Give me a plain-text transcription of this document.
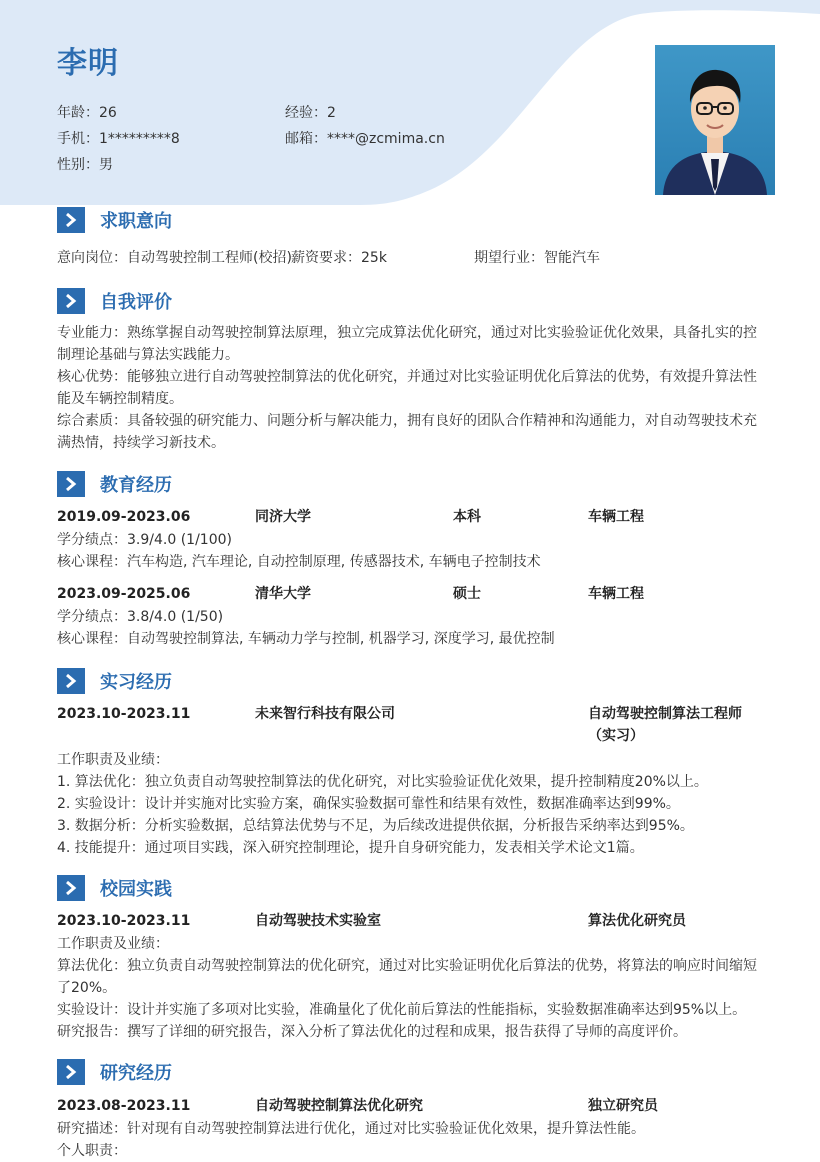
李明
年龄：26	经验：2
手机：1*********8	邮箱：****@zcmima.cn
性别：男
求职意向
意向岗位：自动驾驶控制工程师(校招) 薪资要求：25k	期望行业：智能汽车
自我评价
专业能力：熟练掌握自动驾驶控制算法原理，独立完成算法优化研究，通过对比实验验证优化效果，具备扎实的控制理论基础与算法实践能力。
核心优势：能够独立进行自动驾驶控制算法的优化研究，并通过对比实验证明优化后算法的优势，有效提升算法性能及车辆控制精度。
综合素质：具备较强的研究能力、问题分析与解决能力，拥有良好的团队合作精神和沟通能力，对自动驾驶技术充满热情，持续学习新技术。
教育经历
2019.09-2023.06	同济大学	本科	车辆工程
学分绩点：3.9/4.0 (1/100)
核心课程：汽车构造, 汽车理论, 自动控制原理, 传感器技术, 车辆电子控制技术
2023.09-2025.06	清华大学	硕士	车辆工程
学分绩点：3.8/4.0 (1/50)
核心课程：自动驾驶控制算法, 车辆动力学与控制, 机器学习, 深度学习, 最优控制
实习经历
2023.10-2023.11	未来智行科技有限公司	自动驾驶控制算法工程师
（实习）
工作职责及业绩：
1. 算法优化：独立负责自动驾驶控制算法的优化研究，对比实验验证优化效果，提升控制精度20%以上。
2. 实验设计：设计并实施对比实验方案，确保实验数据可靠性和结果有效性，数据准确率达到99%。
3. 数据分析：分析实验数据，总结算法优势与不足，为后续改进提供依据，分析报告采纳率达到95%。
4. 技能提升：通过项目实践，深入研究控制理论，提升自身研究能力，发表相关学术论文1篇。
校园实践
2023.10-2023.11	自动驾驶技术实验室	算法优化研究员
工作职责及业绩：
算法优化：独立负责自动驾驶控制算法的优化研究，通过对比实验证明优化后算法的优势，将算法的响应时间缩短了20%。
实验设计：设计并实施了多项对比实验，准确量化了优化前后算法的性能指标，实验数据准确率达到95%以上。
研究报告：撰写了详细的研究报告，深入分析了算法优化的过程和成果，报告获得了导师的高度评价。
研究经历
2023.08-2023.11	自动驾驶控制算法优化研究	独立研究员
研究描述：针对现有自动驾驶控制算法进行优化，通过对比实验验证优化效果，提升算法性能。
个人职责：
